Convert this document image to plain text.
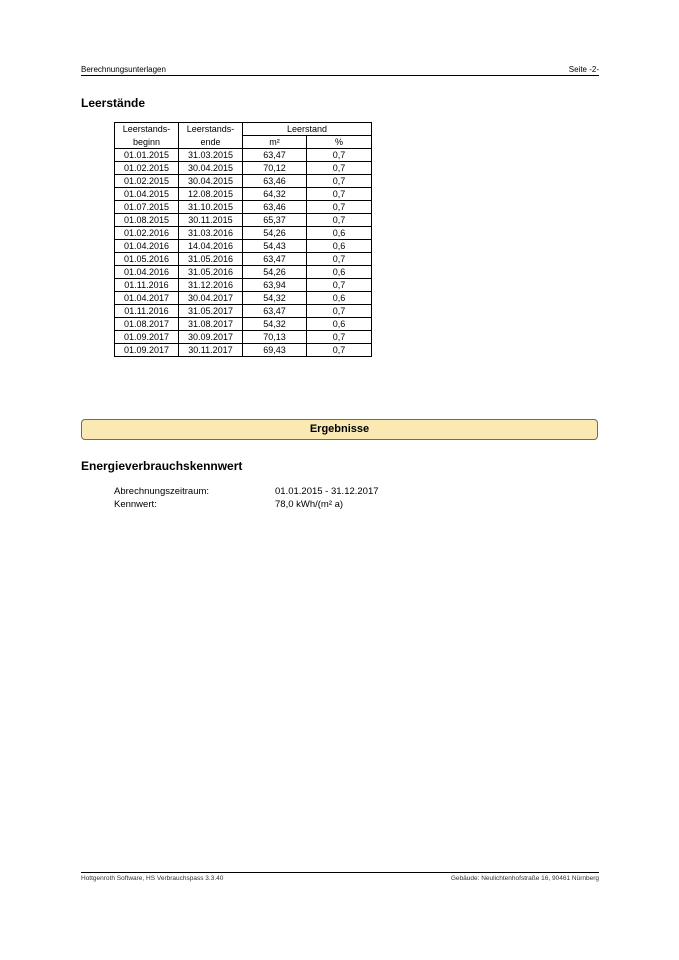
Berechnungsunterlagen	Seite -2-
Leerstände
Leerstands-	Leerstands-	Leerstand	
beginn	ende	m²	%
01.01.2015	31.03.2015	63,47	0,7
01.02.2015	30.04.2015	70,12	0,7
01.02.2015	30.04.2015	63,46	0,7
01.04.2015	12.08.2015	64,32	0,7
01.07.2015	31.10.2015	63,46	0,7
01.08.2015	30.11.2015	65,37	0,7
01.02.2016	31.03.2016	54,26	0,6
01.04.2016	14.04.2016	54,43	0,6
01.05.2016	31.05.2016	63,47	0,7
01.04.2016	31.05.2016	54,26	0,6
01.11.2016	31.12.2016	63,94	0,7
01.04.2017	30.04.2017	54,32	0,6
01.11.2016	31.05.2017	63,47	0,7
01.08.2017	31.08.2017	54,32	0,6
01.09.2017	30.09.2017	70,13	0,7
01.09.2017	30.11.2017	69,43	0,7
Ergebnisse
Energieverbrauchskennwert
Abrechnungszeitraum:	01.01.2015 - 31.12.2017
Kennwert:	78,0 kWh/(m² a)
Hottgenroth Software, HS Verbrauchspass 3.3.40	Gebäude: Neulichtenhofstraße 16, 90461 Nürnberg
